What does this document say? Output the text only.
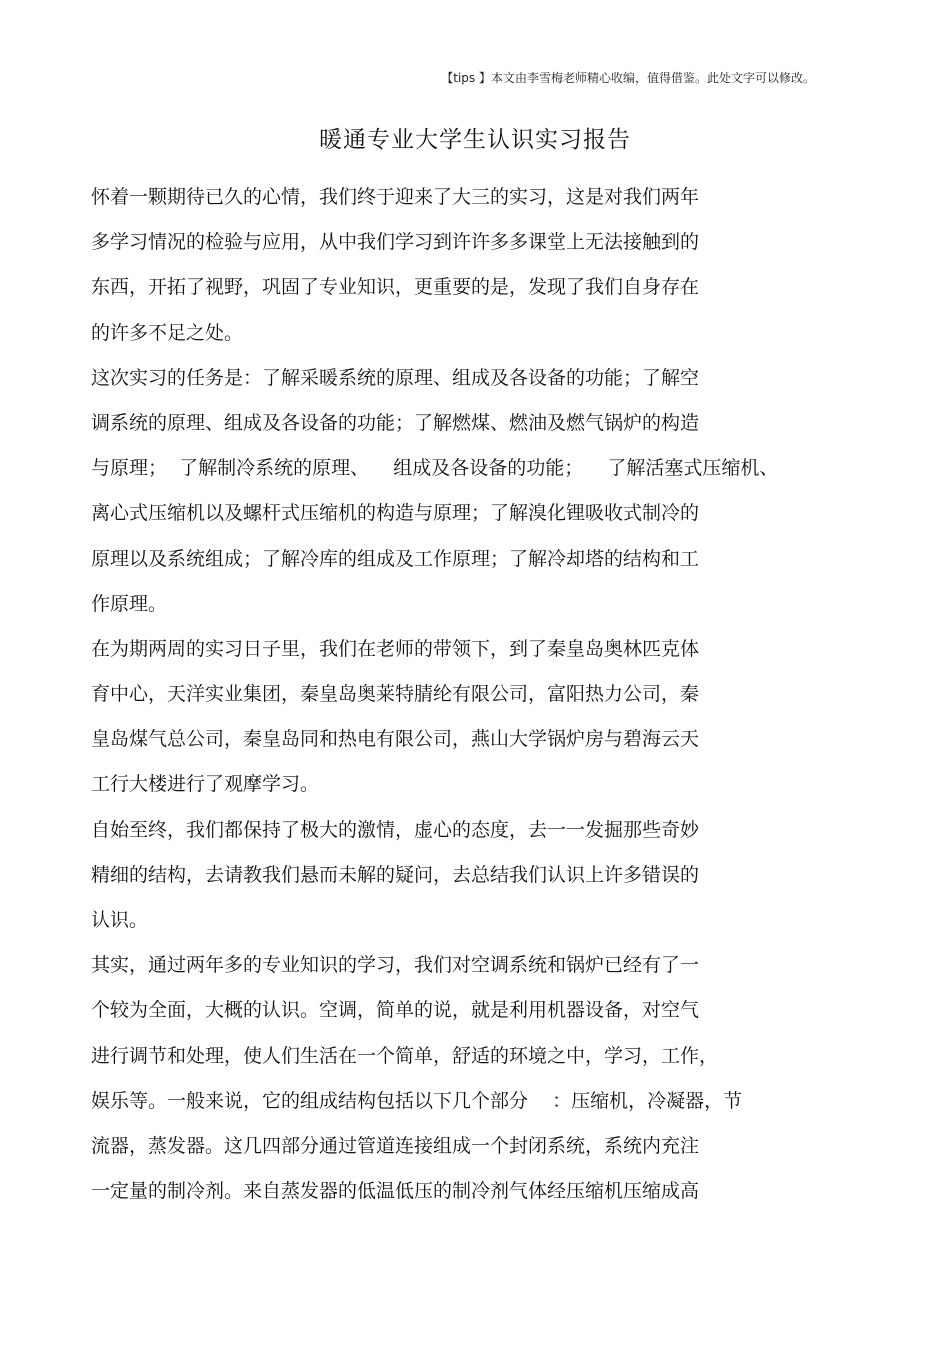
【tips 】本文由李雪梅老师精心收编，值得借鉴。此处文字可以修改。
暖通专业大学生认识实习报告
怀着一颗期待已久的心情，我们终于迎来了大三的实习，这是对我们两年
多学习情况的检验与应用，从中我们学习到许许多多课堂上无法接触到的
东西，开拓了视野，巩固了专业知识，更重要的是，发现了我们自身存在
的许多不足之处。
这次实习的任务是：了解采暖系统的原理、组成及各设备的功能；了解空
调系统的原理、组成及各设备的功能；了解燃煤、燃油及燃气锅炉的构造
与原理；  了解制冷系统的原理、    组成及各设备的功能；    了解活塞式压缩机、
离心式压缩机以及螺杆式压缩机的构造与原理；了解溴化锂吸收式制冷的
原理以及系统组成；了解冷库的组成及工作原理；了解冷却塔的结构和工
作原理。
在为期两周的实习日子里，我们在老师的带领下，到了秦皇岛奥林匹克体
育中心，天洋实业集团，秦皇岛奥莱特腈纶有限公司，富阳热力公司，秦
皇岛煤气总公司，秦皇岛同和热电有限公司，燕山大学锅炉房与碧海云天
工行大楼进行了观摩学习。
自始至终，我们都保持了极大的激情，虚心的态度，去一一发掘那些奇妙
精细的结构，去请教我们悬而未解的疑问，去总结我们认识上许多错误的
认识。
其实，通过两年多的专业知识的学习，我们对空调系统和锅炉已经有了一
个较为全面，大概的认识。空调，简单的说，就是利用机器设备，对空气
进行调节和处理，使人们生活在一个简单，舒适的环境之中，学习，工作，
娱乐等。一般来说，它的组成结构包括以下几个部分    ：压缩机，冷凝器，节
流器，蒸发器。这几四部分通过管道连接组成一个封闭系统，系统内充注
一定量的制冷剂。来自蒸发器的低温低压的制冷剂气体经压缩机压缩成高
